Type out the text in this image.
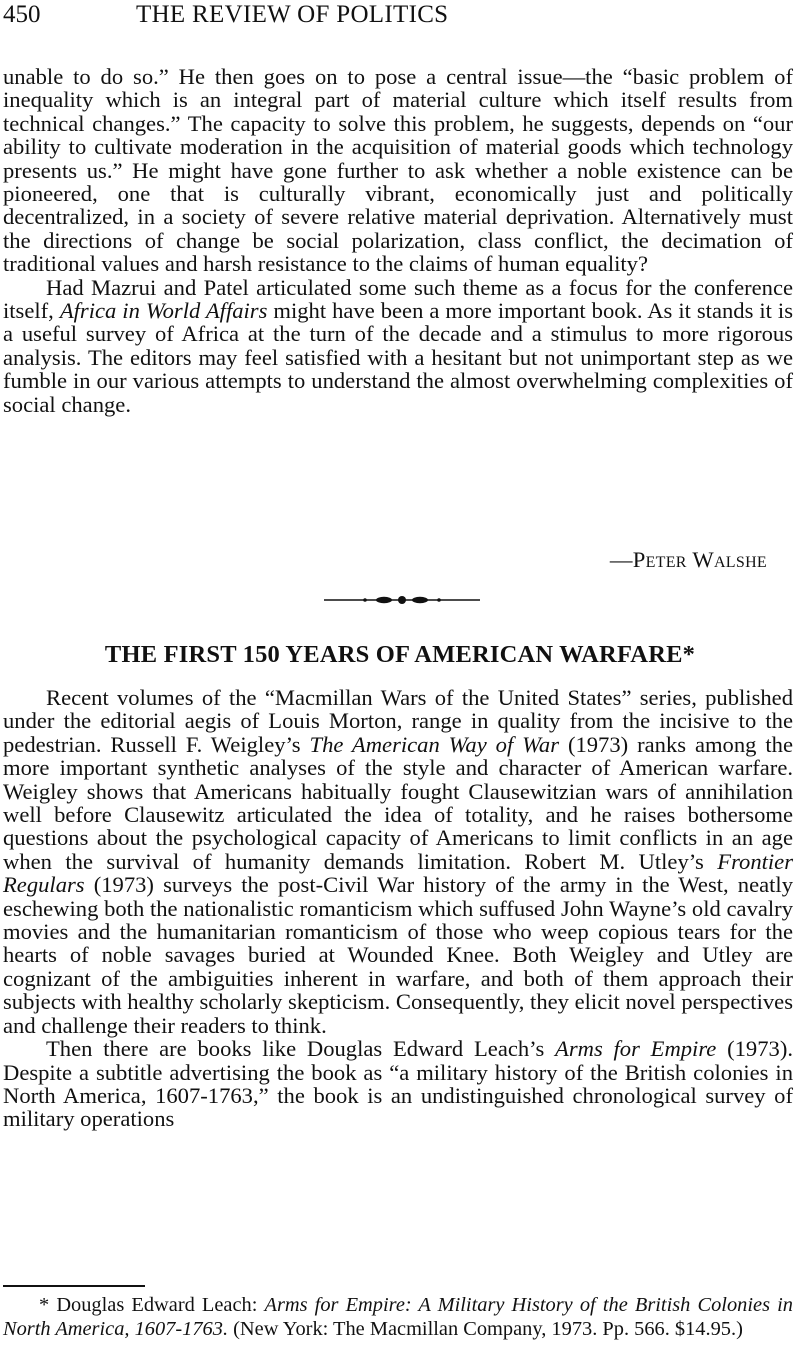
450	THE REVIEW OF POLITICS

unable to do so.” He then goes on to pose a central issue—the “basic problem of inequality which is an integral part of material culture which itself results from technical changes.” The capacity to solve this problem, he suggests, depends on “our ability to cultivate moderation in the acquisition of material goods which technology presents us.” He might have gone further to ask whether a noble existence can be pioneered, one that is culturally vibrant, economically just and politically decentralized, in a society of severe relative material deprivation. Alternatively must the directions of change be social polarization, class conflict, the decimation of traditional values and harsh resistance to the claims of human equality?

Had Mazrui and Patel articulated some such theme as a focus for the conference itself, Africa in World Affairs might have been a more important book. As it stands it is a useful survey of Africa at the turn of the decade and a stimulus to more rigorous analysis. The editors may feel satisfied with a hesitant but not unimportant step as we fumble in our various attempts to understand the almost overwhelming complexities of social change.

—Peter Walshe
THE FIRST 150 YEARS OF AMERICAN WARFARE*

Recent volumes of the “Macmillan Wars of the United States” series, published under the editorial aegis of Louis Morton, range in quality from the incisive to the pedestrian. Russell F. Weigley’s The American Way of War (1973) ranks among the more important synthetic analyses of the style and character of American warfare. Weigley shows that Americans habitually fought Clausewitzian wars of annihilation well before Clausewitz articulated the idea of totality, and he raises bothersome questions about the psychological capacity of Americans to limit conflicts in an age when the survival of humanity demands limitation. Robert M. Utley’s Frontier Regulars (1973) surveys the post-Civil War history of the army in the West, neatly eschewing both the nationalistic romanticism which suffused John Wayne’s old cavalry movies and the humanitarian romanticism of those who weep copious tears for the hearts of noble savages buried at Wounded Knee. Both Weigley and Utley are cognizant of the ambiguities inherent in warfare, and both of them approach their subjects with healthy scholarly skepticism. Consequently, they elicit novel perspectives and challenge their readers to think.

Then there are books like Douglas Edward Leach’s Arms for Empire (1973). Despite a subtitle advertising the book as “a military history of the British colonies in North America, 1607-1763,” the book is an undistinguished chronological survey of military operations

* Douglas Edward Leach: Arms for Empire: A Military History of the British Colonies in North America, 1607-1763. (New York: The Macmillan Company, 1973. Pp. 566. $14.95.)
